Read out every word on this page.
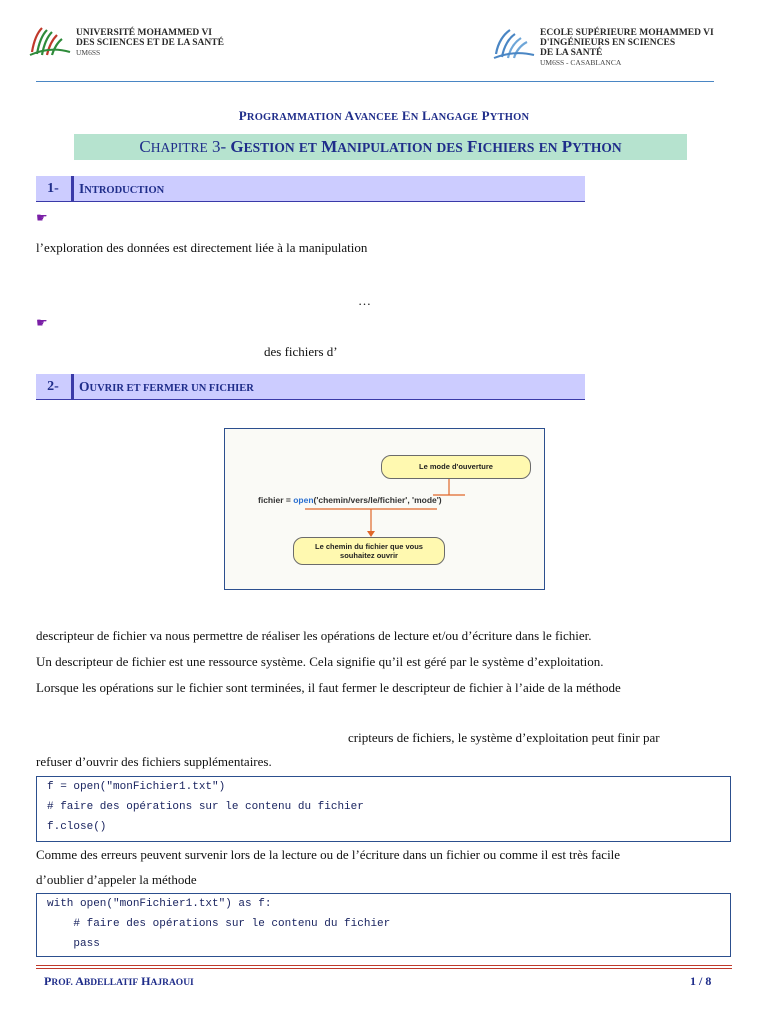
UNIVERSITÉ MOHAMMED VI
DES SCIENCES ET DE LA SANTÉ
UM6SS
ECOLE SUPÉRIEURE MOHAMMED VI
D'INGÉNIEURS EN SCIENCES
DE LA SANTÉ
UM6SS - CASABLANCA
PROGRAMMATION AVANCEE EN LANGAGE PYTHON
CHAPITRE 3- GESTION ET MANIPULATION DES FICHIERS EN PYTHON
1-	INTRODUCTION
☛
l’exploration des données est directement liée à la manipulation
…
☛
des fichiers d’
2-	OUVRIR ET FERMER UN FICHIER
Le mode d'ouverture
fichier = open('chemin/vers/le/fichier', 'mode')
Le chemin du fichier que vous
souhaitez ouvrir
descripteur de fichier va nous permettre de réaliser les opérations de lecture et/ou d’écriture dans le fichier.
Un descripteur de fichier est une ressource système. Cela signifie qu’il est géré par le système d’exploitation.
Lorsque les opérations sur le fichier sont terminées, il faut fermer le descripteur de fichier à l’aide de la méthode
cripteurs de fichiers, le système d’exploitation peut finir par
refuser d’ouvrir des fichiers supplémentaires.
f = open("monFichier1.txt")
# faire des opérations sur le contenu du fichier
f.close()
Comme des erreurs peuvent survenir lors de la lecture ou de l’écriture dans un fichier ou comme il est très facile
d’oublier d’appeler la méthode
with open("monFichier1.txt") as f:
# faire des opérations sur le contenu du fichier
pass
PROF. ABDELLATIF HAJRAOUI	1 / 8
